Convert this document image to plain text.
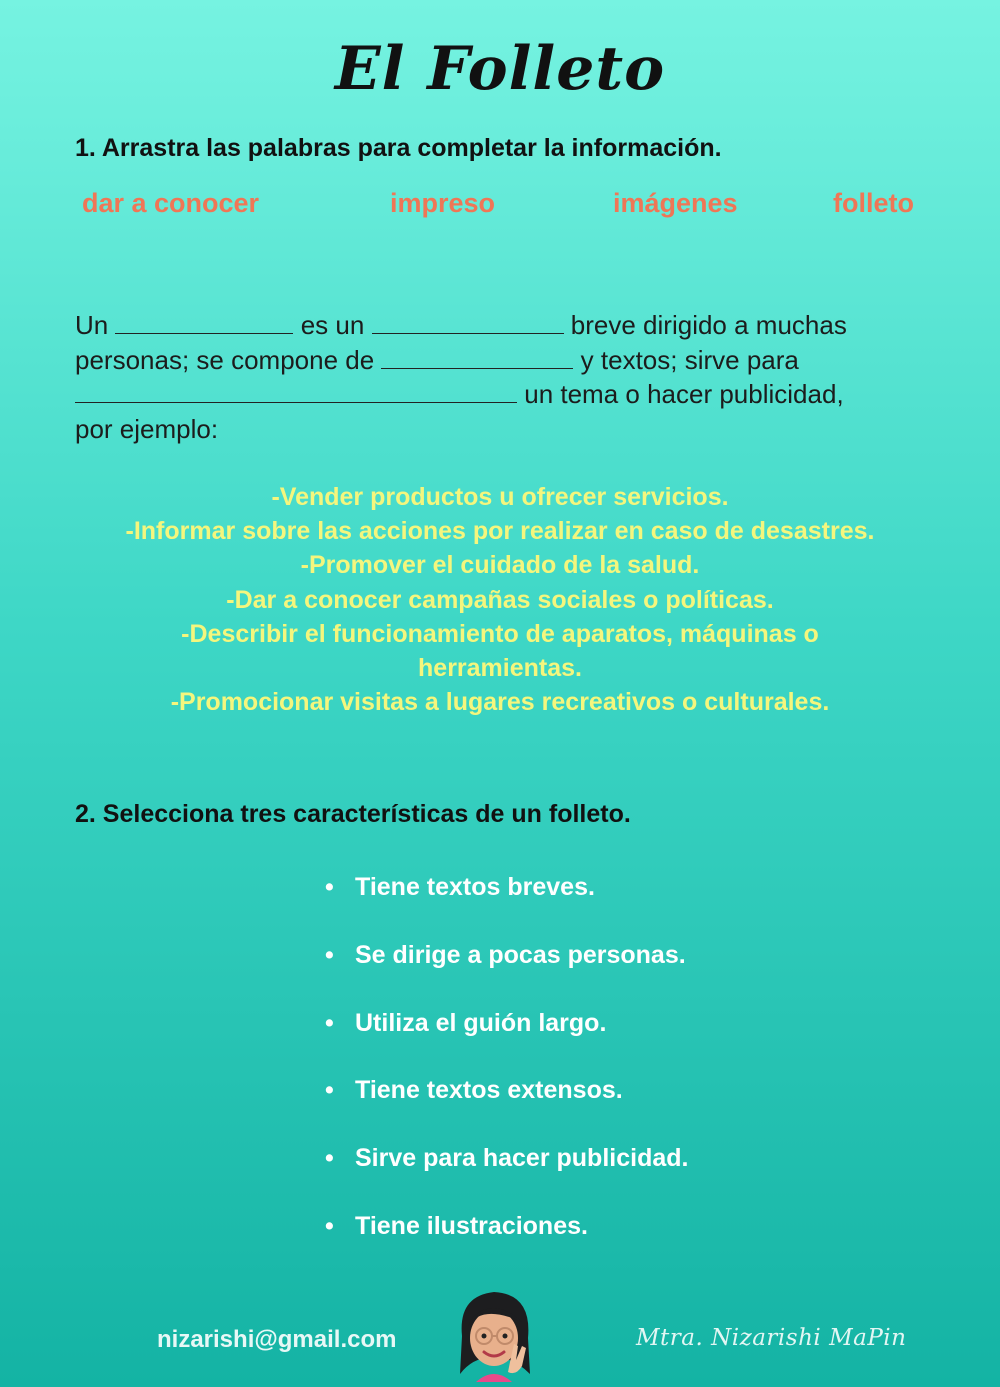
El Folleto
1. Arrastra las palabras para completar la información.
dar a conocer	impreso	imágenes	folleto
Un	es un	breve dirigido a muchas
personas; se compone de	y textos; sirve para
un tema o hacer publicidad,
por ejemplo:
-Vender productos u ofrecer servicios.
-Informar sobre las acciones por realizar en caso de desastres.
-Promover el cuidado de la salud.
-Dar a conocer campañas sociales o políticas.
-Describir el funcionamiento de aparatos, máquinas o
herramientas.
-Promocionar visitas a lugares recreativos o culturales.
2. Selecciona tres características de un folleto.
• Tiene textos breves.
• Se dirige a pocas personas.
• Utiliza el guión largo.
• Tiene textos extensos.
• Sirve para hacer publicidad.
• Tiene ilustraciones.
nizarishi@gmail.com	Mtra. Nizarishi MaPin
